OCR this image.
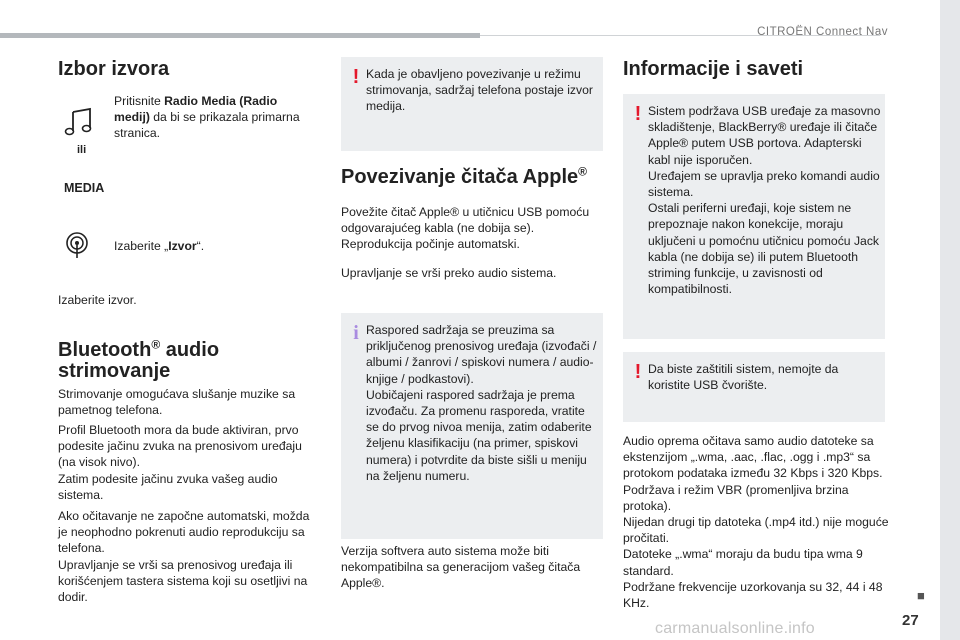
CITROËN Connect Nav
Izbor izvora
Pritisnite Radio Media (Radio medij) da bi se prikazala primarna stranica.
ili
MEDIA
Izaberite „Izvor“.
Izaberite izvor.
Bluetooth® audio strimovanje
Strimovanje omogućava slušanje muzike sa pametnog telefona.
Profil Bluetooth mora da bude aktiviran, prvo podesite jačinu zvuka na prenosivom uređaju (na visok nivo).
Zatim podesite jačinu zvuka vašeg audio sistema.
Ako očitavanje ne započne automatski, možda je neophodno pokrenuti audio reprodukciju sa telefona.
Upravljanje se vrši sa prenosivog uređaja ili korišćenjem tastera sistema koji su osetljivi na dodir.
! Kada je obavljeno povezivanje u režimu strimovanja, sadržaj telefona postaje izvor medija.
Povezivanje čitača Apple®
Povežite čitač Apple® u utičnicu USB pomoću odgovarajućeg kabla (ne dobija se).
Reprodukcija počinje automatski.
Upravljanje se vrši preko audio sistema.
i Raspored sadržaja se preuzima sa priključenog prenosivog uređaja (izvođači / albumi / žanrovi / spiskovi numera / audio-knjige / podkastovi).
Uobičajeni raspored sadržaja je prema izvođaču. Za promenu rasporeda, vratite se do prvog nivoa menija, zatim odaberite željenu klasifikaciju (na primer, spiskovi numera) i potvrdite da biste sišli u meniju na željenu numeru.
Verzija softvera auto sistema može biti nekompatibilna sa generacijom vašeg čitača Apple®.
Informacije i saveti
! Sistem podržava USB uređaje za masovno skladištenje, BlackBerry® uređaje ili čitače Apple® putem USB portova. Adapterski kabl nije isporučen.
Uređajem se upravlja preko komandi audio sistema.
Ostali periferni uređaji, koje sistem ne prepoznaje nakon konekcije, moraju uključeni u pomoćnu utičnicu pomoću Jack kabla (ne dobija se) ili putem Bluetooth striming funkcije, u zavisnosti od kompatibilnosti.
! Da biste zaštitili sistem, nemojte da koristite USB čvorište.
Audio oprema očitava samo audio datoteke sa ekstenzijom „.wma, .aac, .flac, .ogg i .mp3“ sa protokom podataka između 32 Kbps i 320 Kbps.
Podržava i režim VBR (promenljiva brzina protoka).
Nijedan drugi tip datoteka (.mp4 itd.) nije moguće pročitati.
Datoteke „.wma“ moraju da budu tipa wma 9 standard.
Podržane frekvencije uzorkovanja su 32, 44 i 48 KHz.
■
carmanualsonline.info	27
